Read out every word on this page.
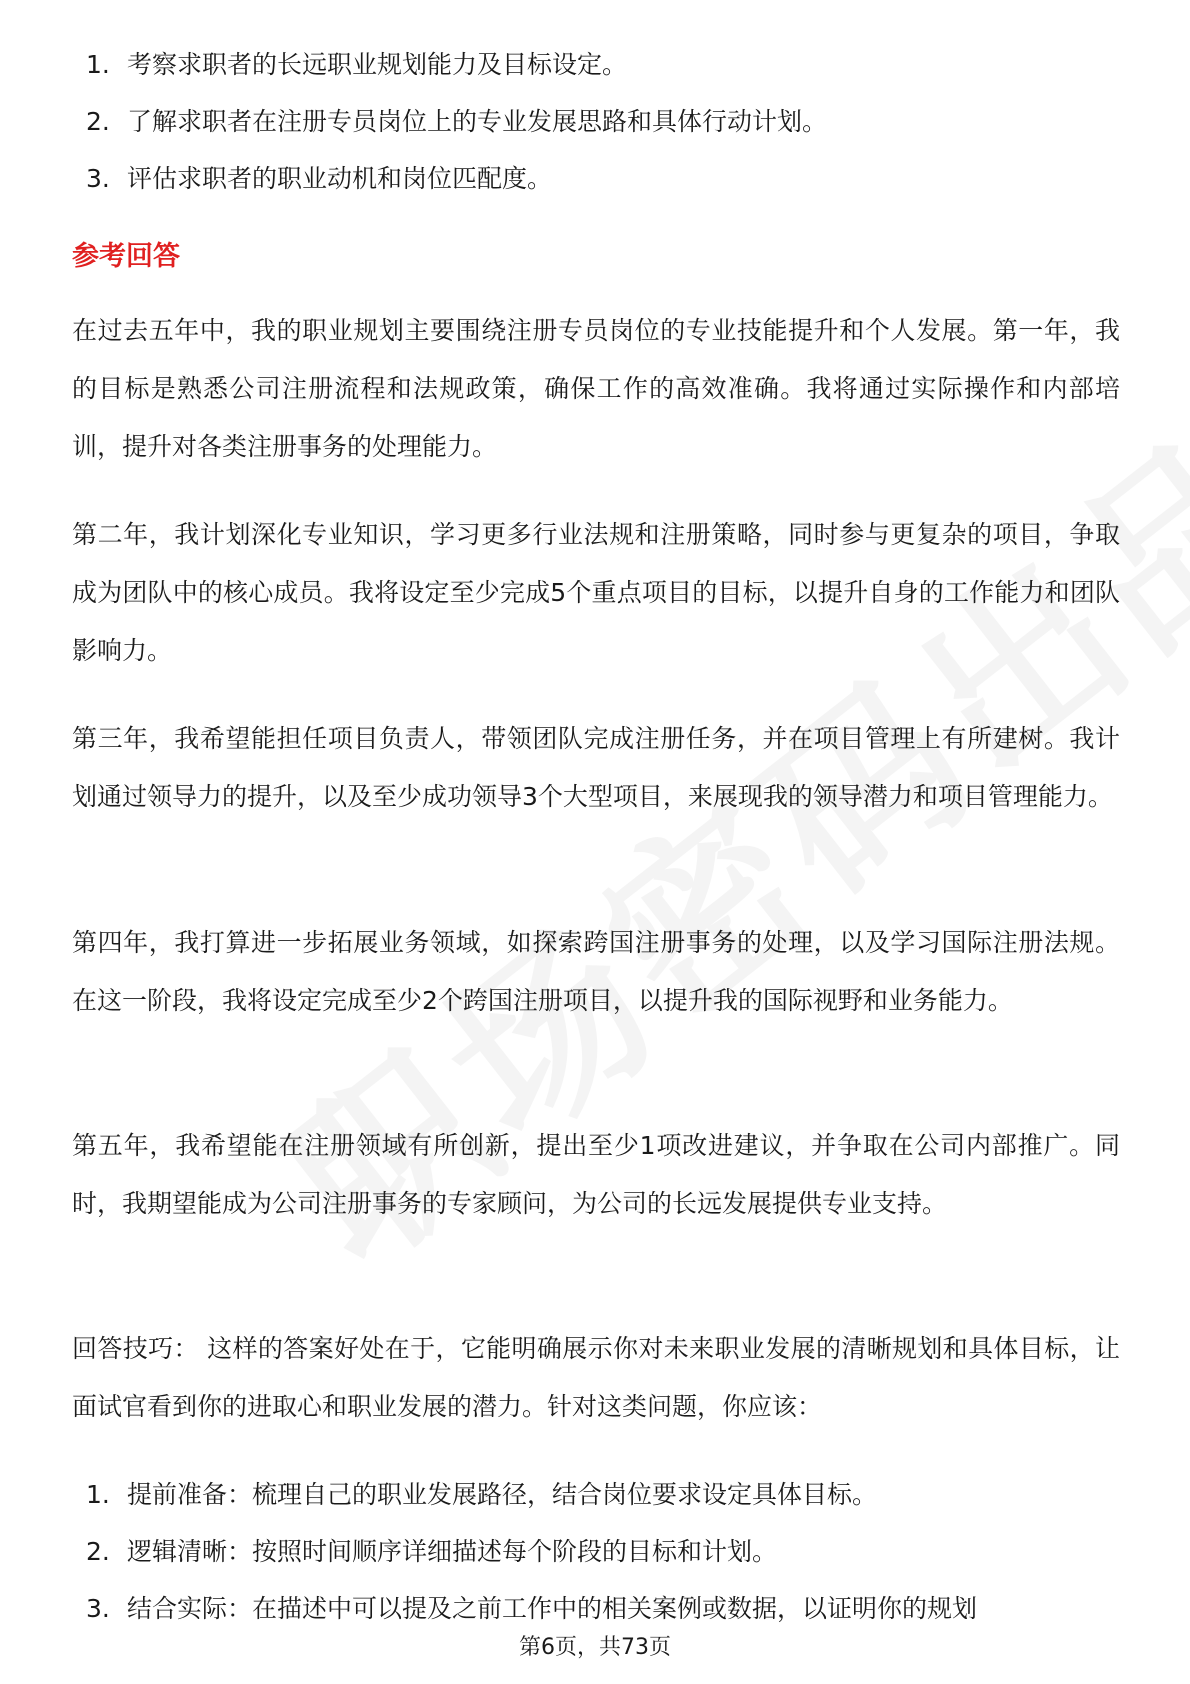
1. 考察求职者的长远职业规划能力及目标设定。
2. 了解求职者在注册专员岗位上的专业发展思路和具体行动计划。
3. 评估求职者的职业动机和岗位匹配度。
参考回答

在过去五年中，我的职业规划主要围绕注册专员岗位的专业技能提升和个人发展。第一年，我的目标是熟悉公司注册流程和法规政策，确保工作的高效准确。我将通过实际操作和内部培训，提升对各类注册事务的处理能力。

第二年，我计划深化专业知识，学习更多行业法规和注册策略，同时参与更复杂的项目，争取成为团队中的核心成员。我将设定至少完成5个重点项目的目标，以提升自身的工作能力和团队影响力。

第三年，我希望能担任项目负责人，带领团队完成注册任务，并在项目管理上有所建树。我计划通过领导力的提升，以及至少成功领导3个大型项目，来展现我的领导潜力和项目管理能力。

第四年，我打算进一步拓展业务领域，如探索跨国注册事务的处理，以及学习国际注册法规。在这一阶段，我将设定完成至少2个跨国注册项目，以提升我的国际视野和业务能力。

第五年，我希望能在注册领域有所创新，提出至少1项改进建议，并争取在公司内部推广。同时，我期望能成为公司注册事务的专家顾问，为公司的长远发展提供专业支持。

回答技巧： 这样的答案好处在于，它能明确展示你对未来职业发展的清晰规划和具体目标，让面试官看到你的进取心和职业发展的潜力。针对这类问题，你应该：

1. 提前准备：梳理自己的职业发展路径，结合岗位要求设定具体目标。
2. 逻辑清晰：按照时间顺序详细描述每个阶段的目标和计划。
3. 结合实际：在描述中可以提及之前工作中的相关案例或数据，以证明你的规划
第6页，共73页
